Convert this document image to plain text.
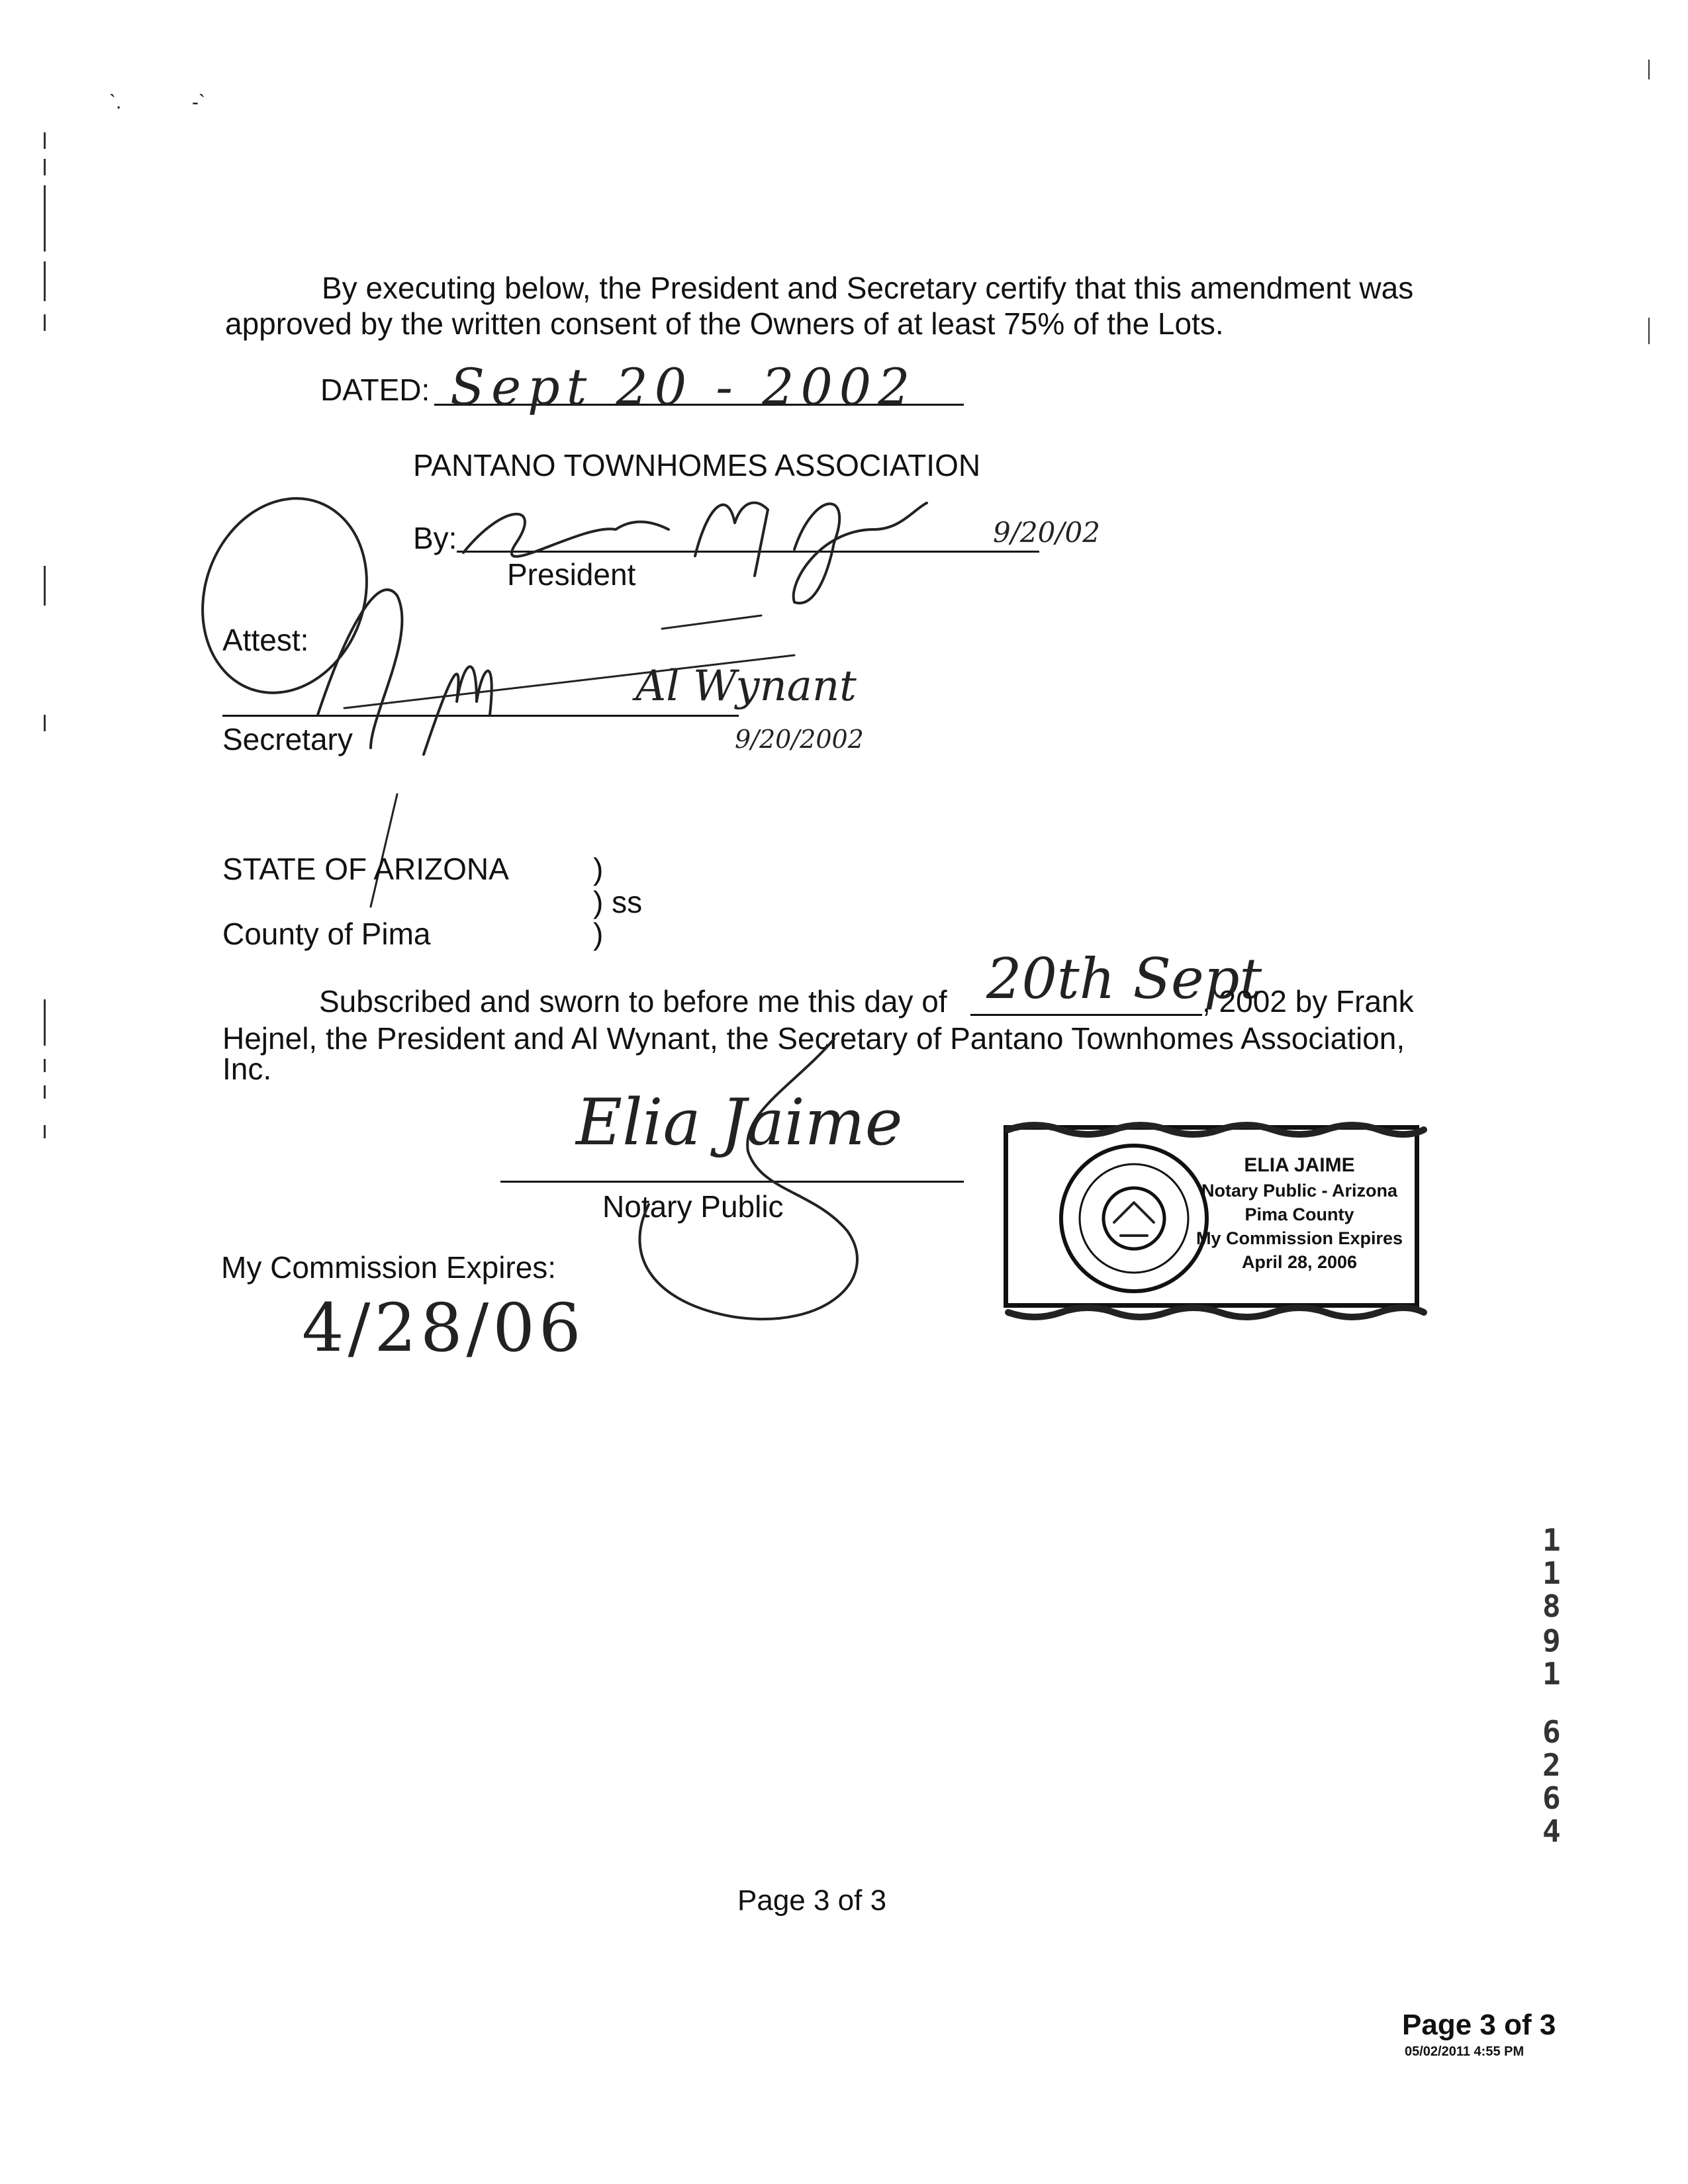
`.	-`
By executing below, the President and Secretary certify that this amendment was
approved by the written consent of the Owners of at least 75% of the Lots.
DATED: Sept 20 - 2002
PANTANO TOWNHOMES ASSOCIATION
By:
President
9/20/02
Attest:
Secretary
Al Wynant
9/20/2002
STATE OF ARIZONA
County of Pima
)
) ss
)
Subscribed and sworn to before me this day of 20th Sept
, 2002 by Frank
Hejnel, the President and Al Wynant, the Secretary of Pantano Townhomes Association,
Inc.
Elia Jaime
Notary Public
My Commission Expires:
4/28/06
ELIA JAIME
Notary Public - Arizona
Pima County
My Commission Expires
April 28, 2006
1
1
8
9
1
6
2
6
4
Page 3 of 3
Page 3 of 3
05/02/2011 4:55 PM
